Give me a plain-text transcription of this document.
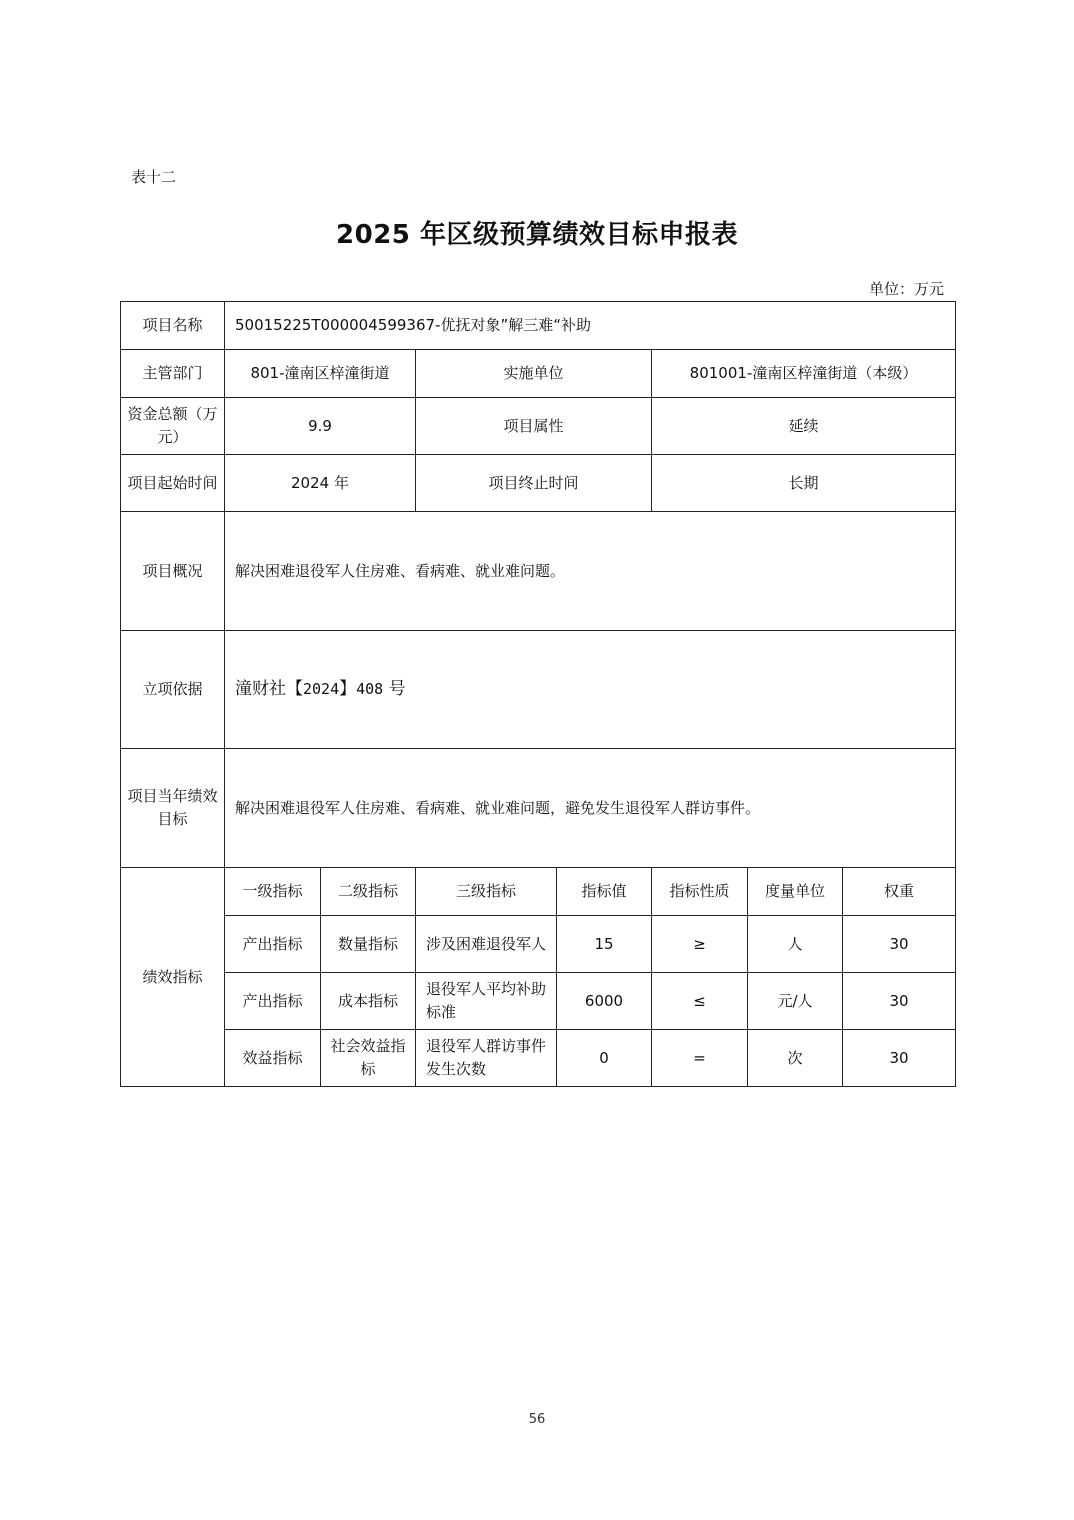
表十二
2025 年区级预算绩效目标申报表
单位：万元
项目名称	50015225T000004599367-优抚对象”解三难“补助						
主管部门	801-潼南区梓潼街道		实施单位		801001-潼南区梓潼街道（本级）		
资金总额（万元）	9.9		项目属性		延续		
项目起始时间	2024 年		项目终止时间		长期		
项目概况	解决困难退役军人住房难、看病难、就业难问题。						
立项依据	潼财社【2024】408 号						
项目当年绩效目标	解决困难退役军人住房难、看病难、就业难问题，避免发生退役军人群访事件。						
绩效指标	一级指标	二级指标	三级指标	指标值	指标性质	度量单位	权重
	产出指标	数量指标	涉及困难退役军人	15	≥	人	30
	产出指标	成本指标	退役军人平均补助标准	6000	≤	元/人	30
	效益指标	社会效益指标	退役军人群访事件发生次数	0	=	次	30
56
